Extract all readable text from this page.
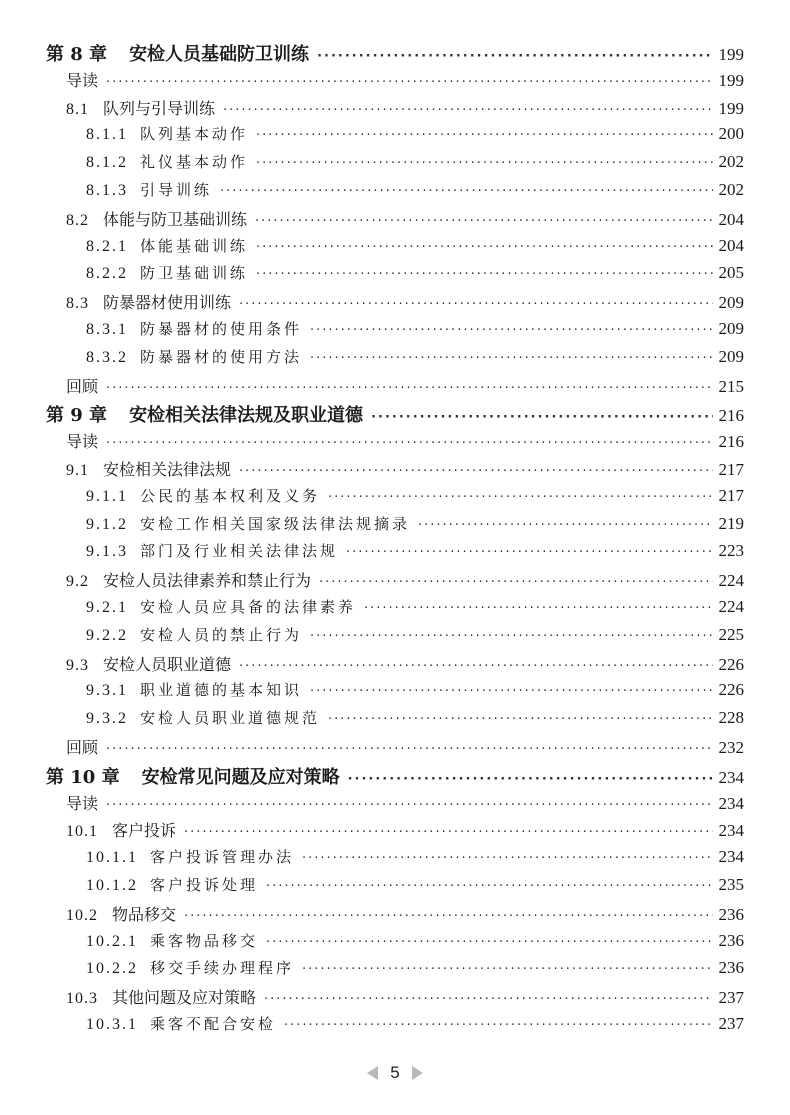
第 8 章 安检人员基础防卫训练 ·····	199
导读 ·····	199
8.1 队列与引导训练 ·····	199
8.1.1 队列基本动作 ·····	200
8.1.2 礼仪基本动作 ·····	202
8.1.3 引导训练 ·····	202
8.2 体能与防卫基础训练 ·····	204
8.2.1 体能基础训练 ·····	204
8.2.2 防卫基础训练 ·····	205
8.3 防暴器材使用训练 ·····	209
8.3.1 防暴器材的使用条件 ·····	209
8.3.2 防暴器材的使用方法 ·····	209
回顾 ·····	215
第 9 章 安检相关法律法规及职业道德 ·····	216
导读 ·····	216
9.1 安检相关法律法规 ·····	217
9.1.1 公民的基本权利及义务 ·····	217
9.1.2 安检工作相关国家级法律法规摘录 ·····	219
9.1.3 部门及行业相关法律法规 ·····	223
9.2 安检人员法律素养和禁止行为 ·····	224
9.2.1 安检人员应具备的法律素养 ·····	224
9.2.2 安检人员的禁止行为 ·····	225
9.3 安检人员职业道德 ·····	226
9.3.1 职业道德的基本知识 ·····	226
9.3.2 安检人员职业道德规范 ·····	228
回顾 ·····	232
第 10 章 安检常见问题及应对策略 ·····	234
导读 ·····	234
10.1 客户投诉 ·····	234
10.1.1 客户投诉管理办法 ·····	234
10.1.2 客户投诉处理 ·····	235
10.2 物品移交 ·····	236
10.2.1 乘客物品移交 ·····	236
10.2.2 移交手续办理程序 ·····	236
10.3 其他问题及应对策略 ·····	237
10.3.1 乘客不配合安检 ·····	237
5
